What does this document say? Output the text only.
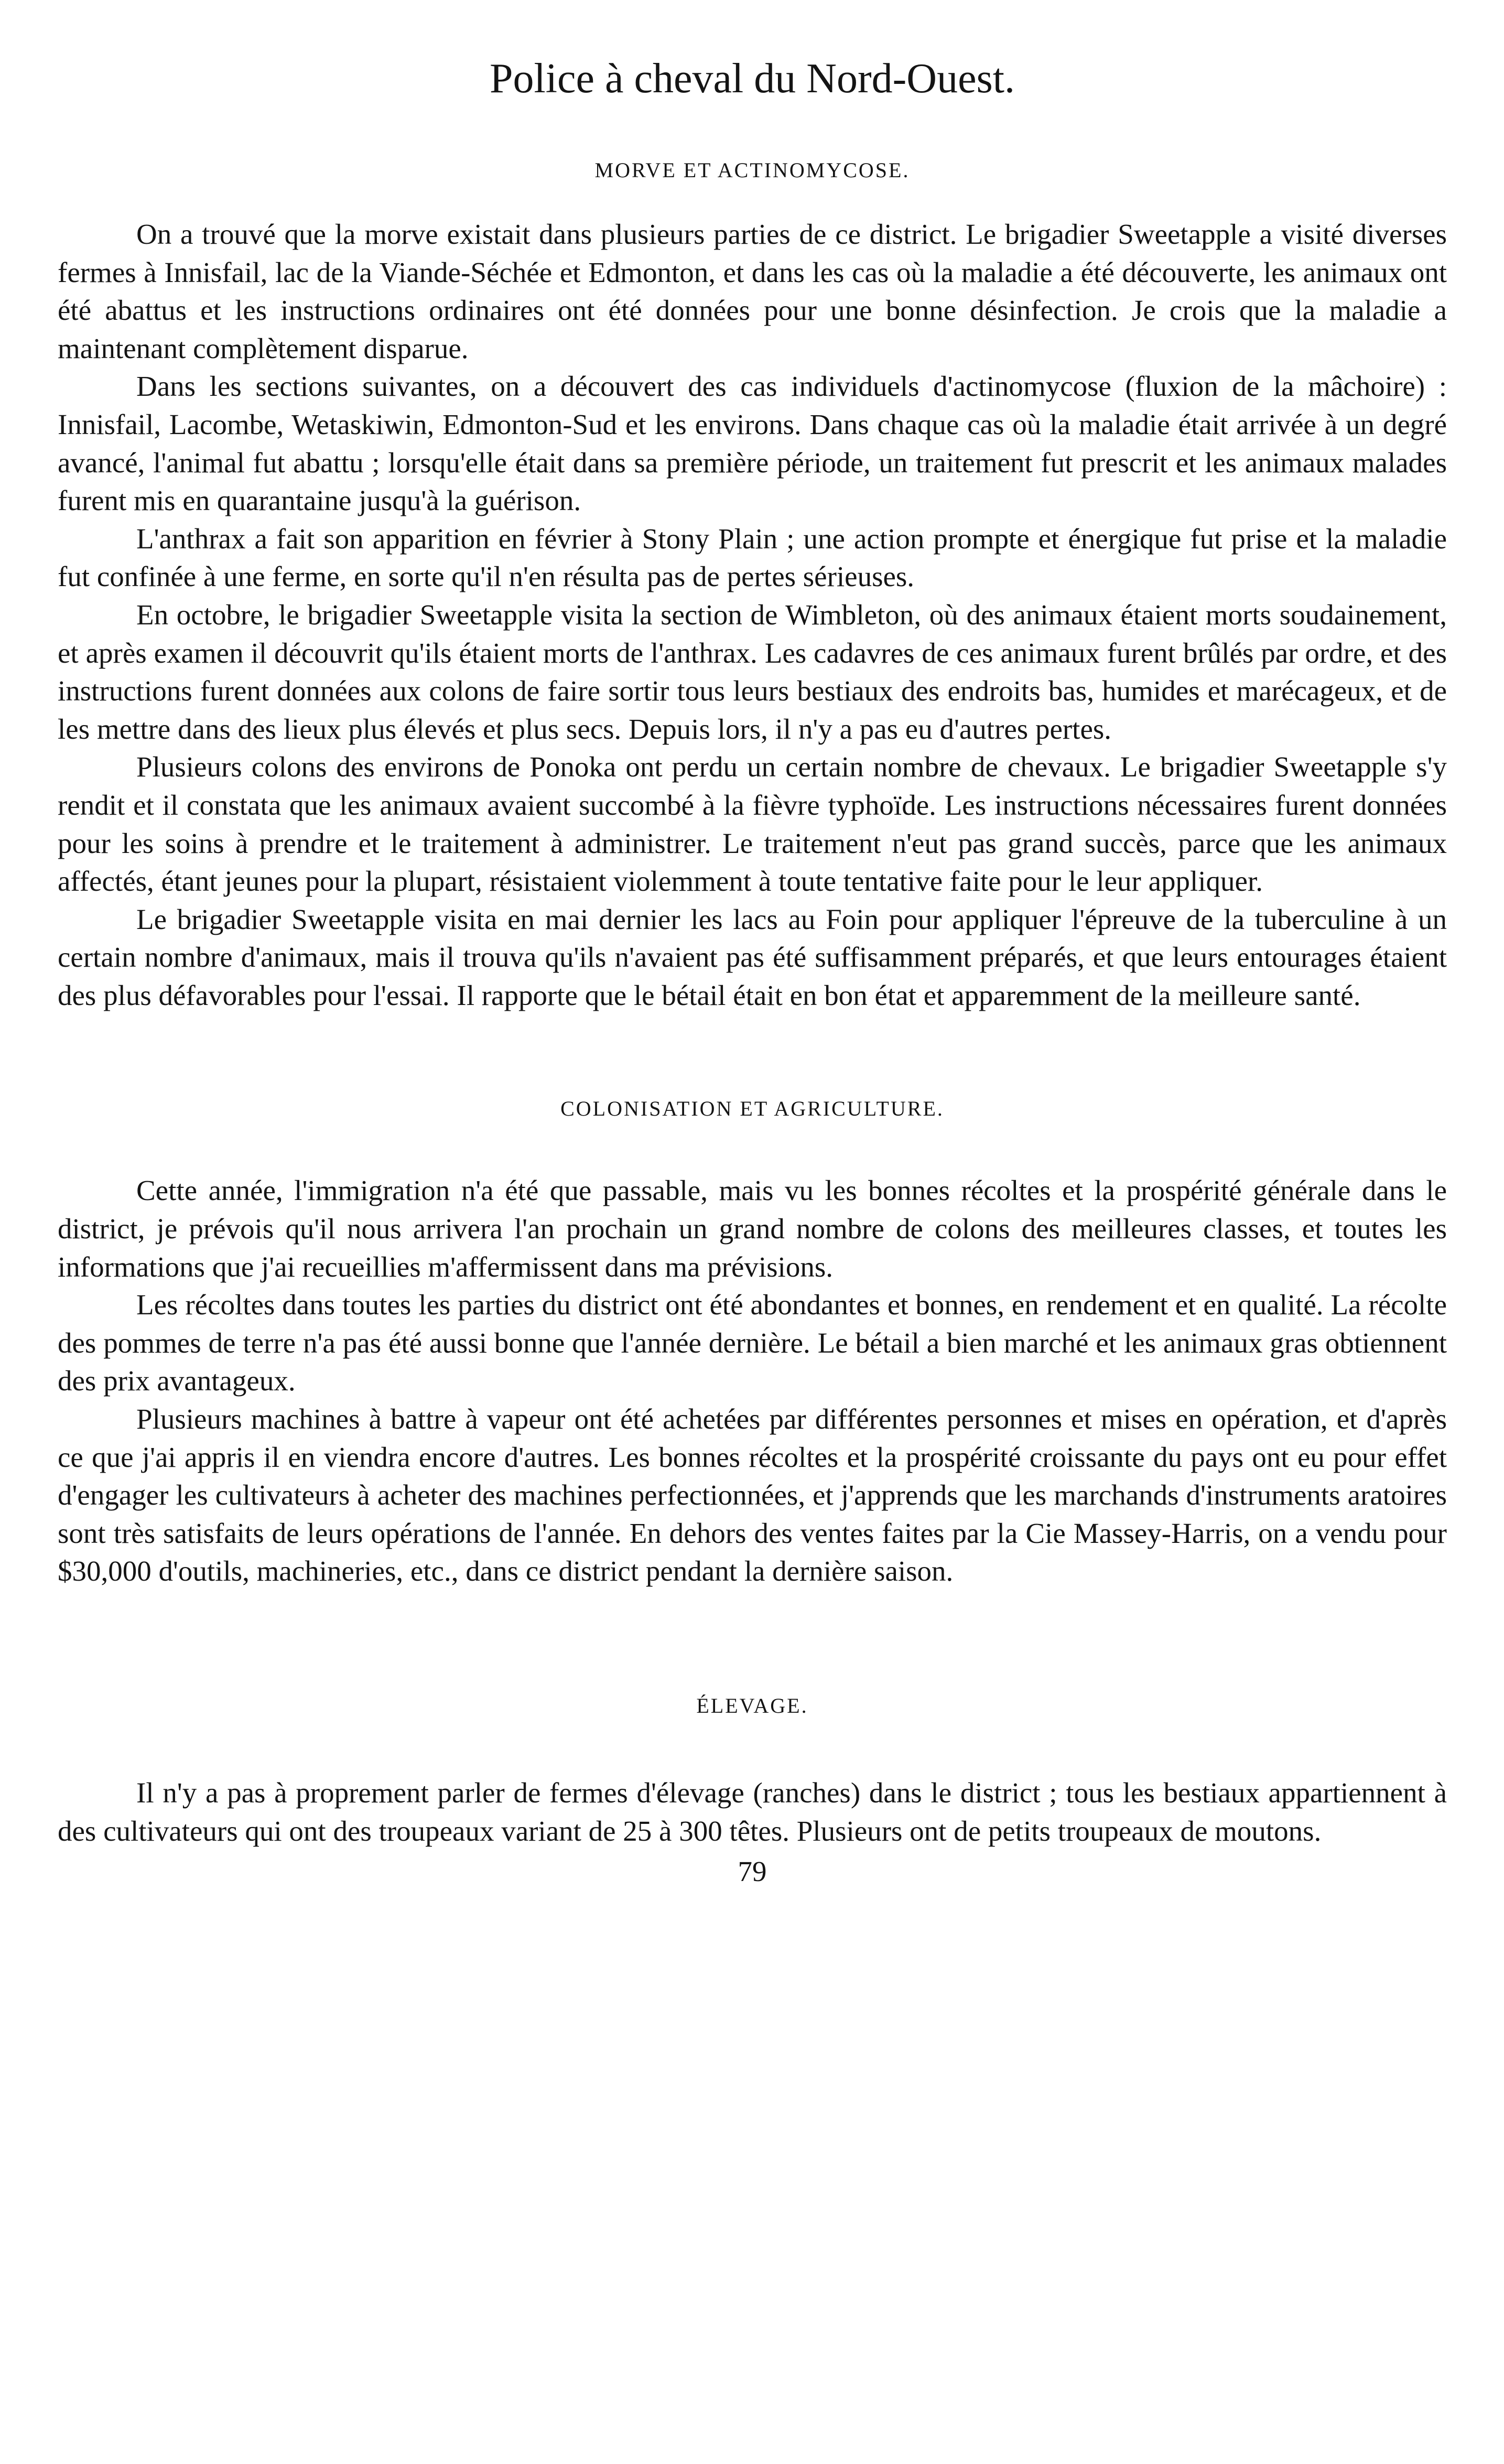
Police à cheval du Nord-Ouest.
MORVE ET ACTINOMYCOSE.

On a trouvé que la morve existait dans plusieurs parties de ce district. Le brigadier Sweetapple a visité diverses fermes à Innisfail, lac de la Viande-Séchée et Edmonton, et dans les cas où la maladie a été découverte, les animaux ont été abattus et les instructions ordinaires ont été données pour une bonne désinfection. Je crois que la maladie a maintenant complètement disparue.

Dans les sections suivantes, on a découvert des cas individuels d'actinomycose (fluxion de la mâchoire) : Innisfail, Lacombe, Wetaskiwin, Edmonton-Sud et les environs. Dans chaque cas où la maladie était arrivée à un degré avancé, l'animal fut abattu ; lorsqu'elle était dans sa première période, un traitement fut prescrit et les animaux malades furent mis en quarantaine jusqu'à la guérison.

L'anthrax a fait son apparition en février à Stony Plain ; une action prompte et énergique fut prise et la maladie fut confinée à une ferme, en sorte qu'il n'en résulta pas de pertes sérieuses.

En octobre, le brigadier Sweetapple visita la section de Wimbleton, où des animaux étaient morts soudainement, et après examen il découvrit qu'ils étaient morts de l'anthrax. Les cadavres de ces animaux furent brûlés par ordre, et des instructions furent données aux colons de faire sortir tous leurs bestiaux des endroits bas, humides et marécageux, et de les mettre dans des lieux plus élevés et plus secs. Depuis lors, il n'y a pas eu d'autres pertes.

Plusieurs colons des environs de Ponoka ont perdu un certain nombre de chevaux. Le brigadier Sweetapple s'y rendit et il constata que les animaux avaient succombé à la fièvre typhoïde. Les instructions nécessaires furent données pour les soins à prendre et le traitement à administrer. Le traitement n'eut pas grand succès, parce que les animaux affectés, étant jeunes pour la plupart, résistaient violemment à toute tentative faite pour le leur appliquer.

Le brigadier Sweetapple visita en mai dernier les lacs au Foin pour appliquer l'épreuve de la tuberculine à un certain nombre d'animaux, mais il trouva qu'ils n'avaient pas été suffisamment préparés, et que leurs entourages étaient des plus défavorables pour l'essai. Il rapporte que le bétail était en bon état et apparemment de la meilleure santé.

COLONISATION ET AGRICULTURE.

Cette année, l'immigration n'a été que passable, mais vu les bonnes récoltes et la prospérité générale dans le district, je prévois qu'il nous arrivera l'an prochain un grand nombre de colons des meilleures classes, et toutes les informations que j'ai recueillies m'affermissent dans ma prévisions.

Les récoltes dans toutes les parties du district ont été abondantes et bonnes, en rendement et en qualité. La récolte des pommes de terre n'a pas été aussi bonne que l'année dernière. Le bétail a bien marché et les animaux gras obtiennent des prix avantageux.

Plusieurs machines à battre à vapeur ont été achetées par différentes personnes et mises en opération, et d'après ce que j'ai appris il en viendra encore d'autres. Les bonnes récoltes et la prospérité croissante du pays ont eu pour effet d'engager les cultivateurs à acheter des machines perfectionnées, et j'apprends que les marchands d'instruments aratoires sont très satisfaits de leurs opérations de l'année. En dehors des ventes faites par la Cie Massey-Harris, on a vendu pour $30,000 d'outils, machineries, etc., dans ce district pendant la dernière saison.

ÉLEVAGE.

Il n'y a pas à proprement parler de fermes d'élevage (ranches) dans le district ; tous les bestiaux appartiennent à des cultivateurs qui ont des troupeaux variant de 25 à 300 têtes. Plusieurs ont de petits troupeaux de moutons.

79
